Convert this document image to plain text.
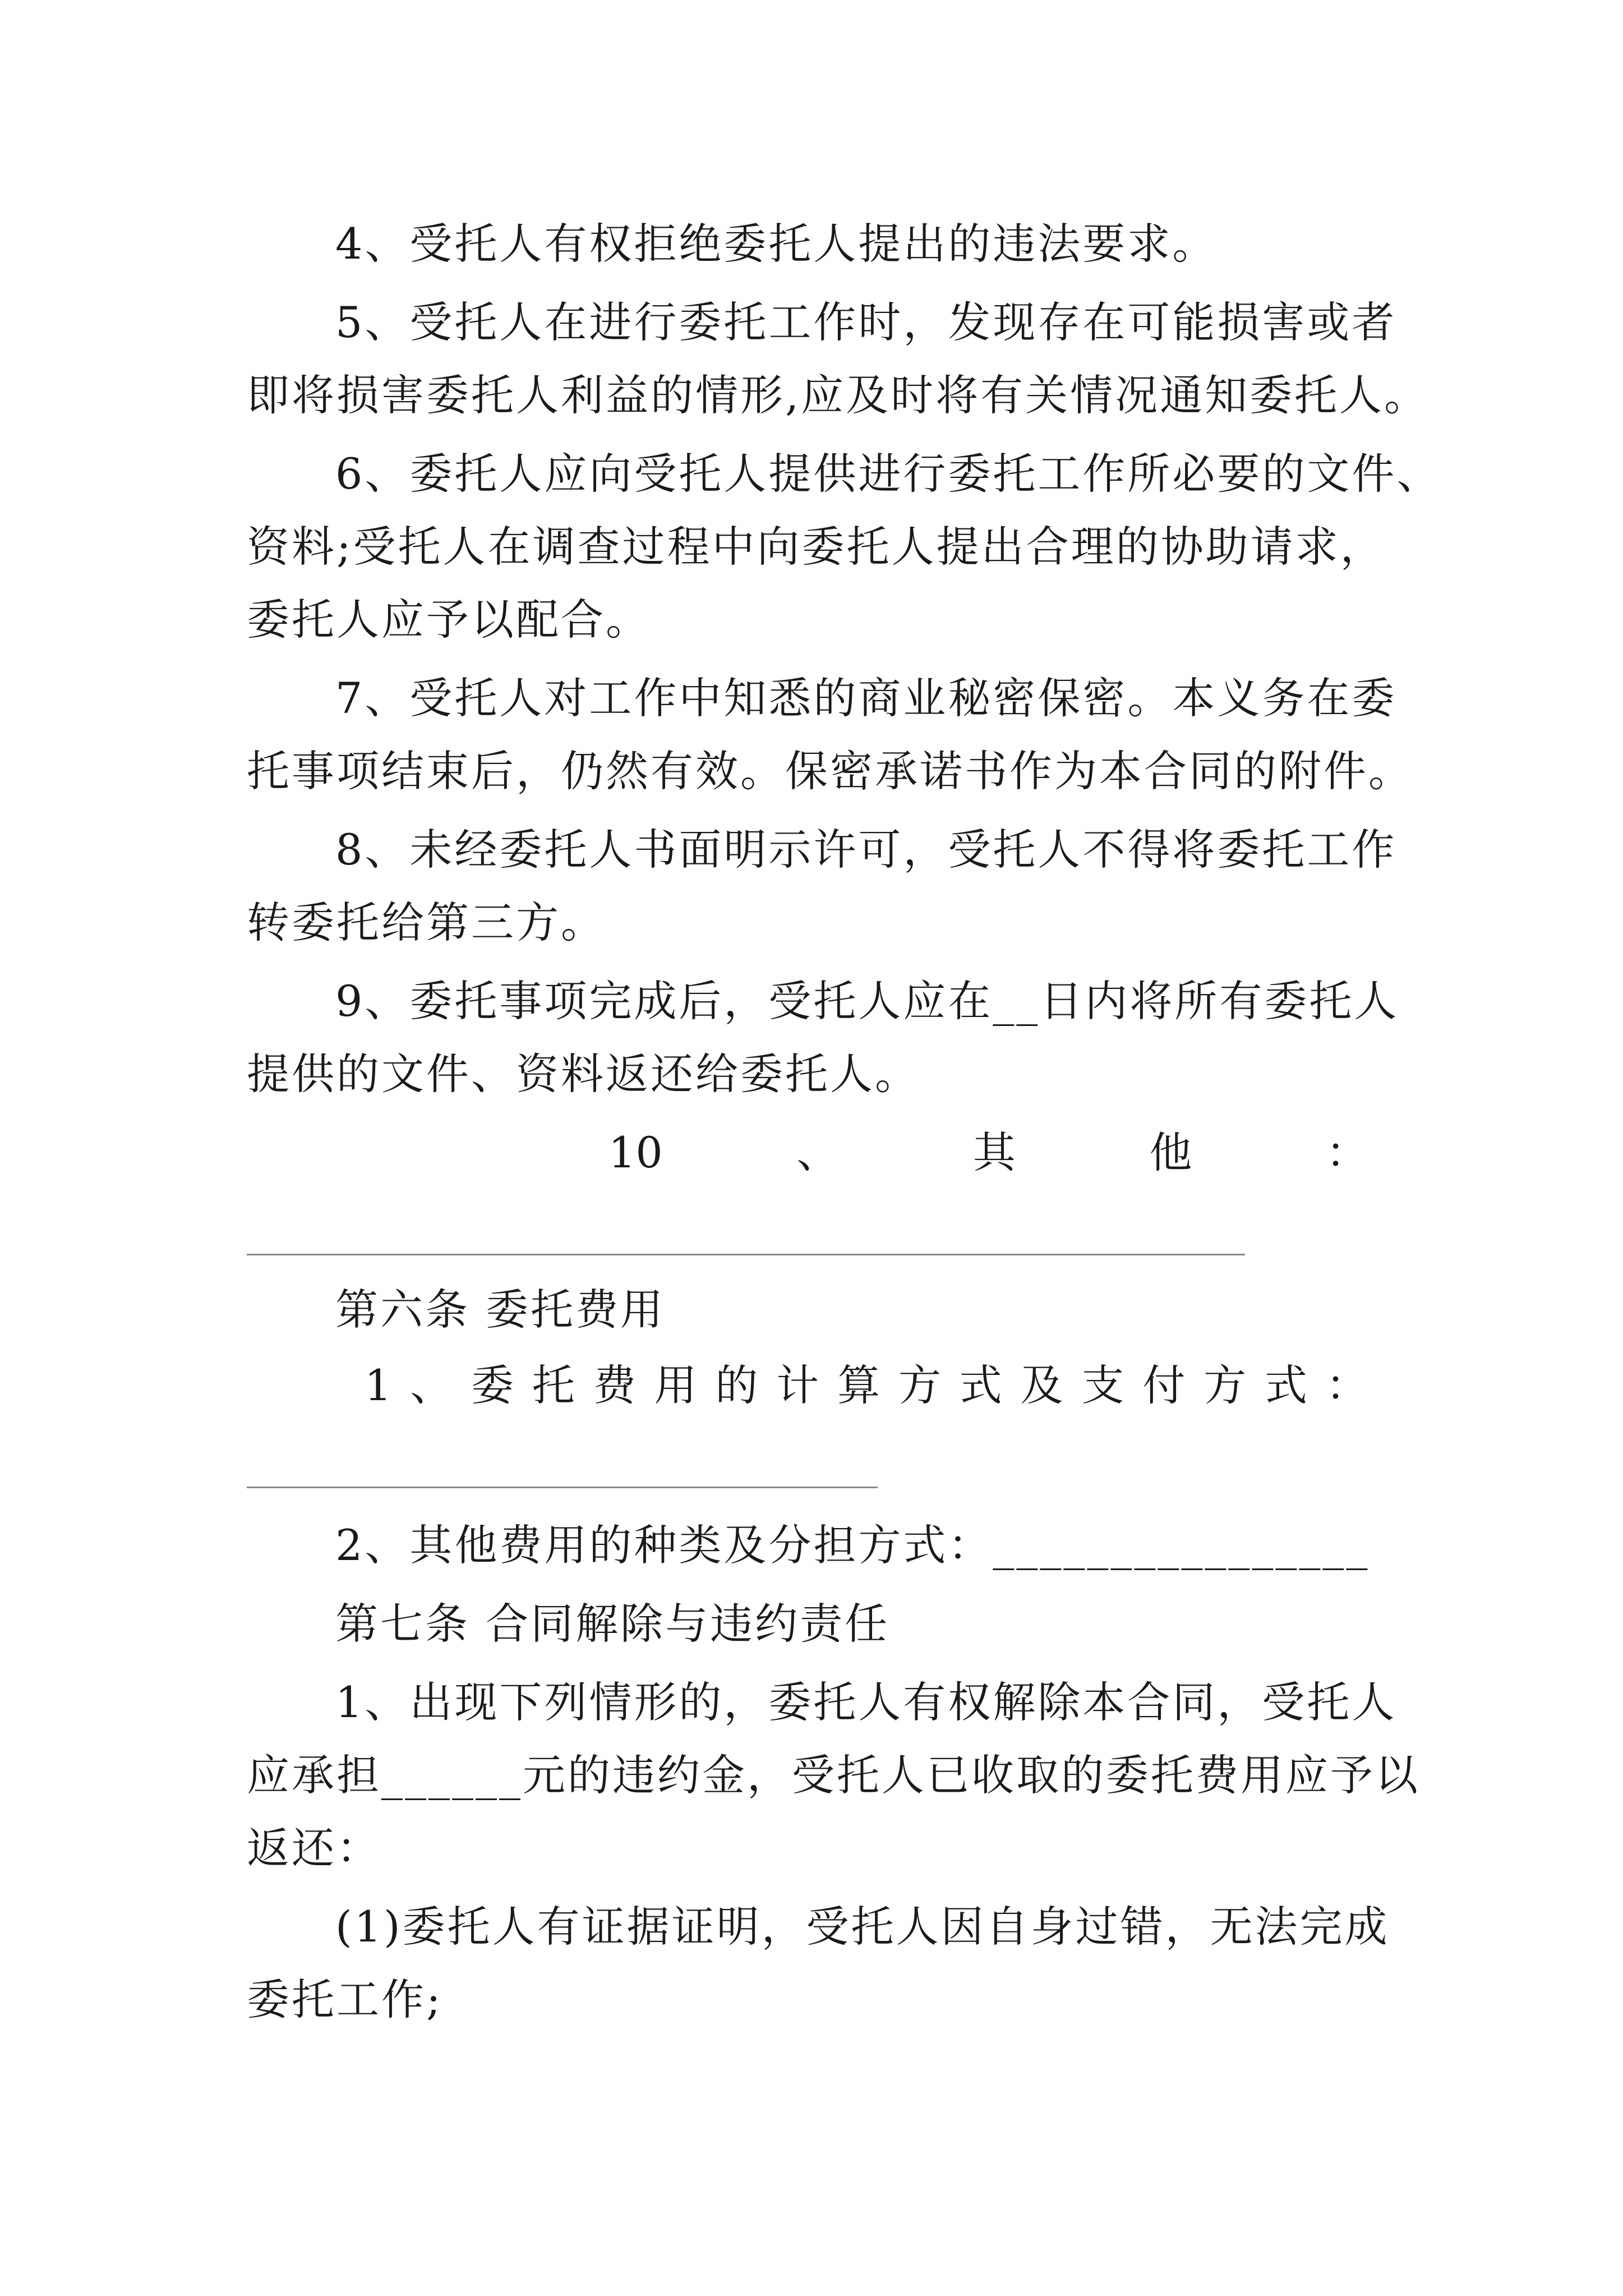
4、受托人有权拒绝委托人提出的违法要求。
5、受托人在进行委托工作时，发现存在可能损害或者
即将损害委托人利益的情形,应及时将有关情况通知委托人。
6、委托人应向受托人提供进行委托工作所必要的文件、
资料;受托人在调查过程中向委托人提出合理的协助请求，
委托人应予以配合。
7、受托人对工作中知悉的商业秘密保密。本义务在委
托事项结束后，仍然有效。保密承诺书作为本合同的附件。
8、未经委托人书面明示许可，受托人不得将委托工作
转委托给第三方。
9、委托事项完成后，受托人应在__日内将所有委托人
提供的文件、资料返还给委托人。
10	、	其	他	：
第六条 委托费用
1 、 委 托 费 用 的 计 算 方 式 及 支 付 方 式 ：
2、其他费用的种类及分担方式：________________
第七条 合同解除与违约责任
1、出现下列情形的，委托人有权解除本合同，受托人
应承担______元的违约金，受托人已收取的委托费用应予以
返还：
(1)委托人有证据证明，受托人因自身过错，无法完成
委托工作;
